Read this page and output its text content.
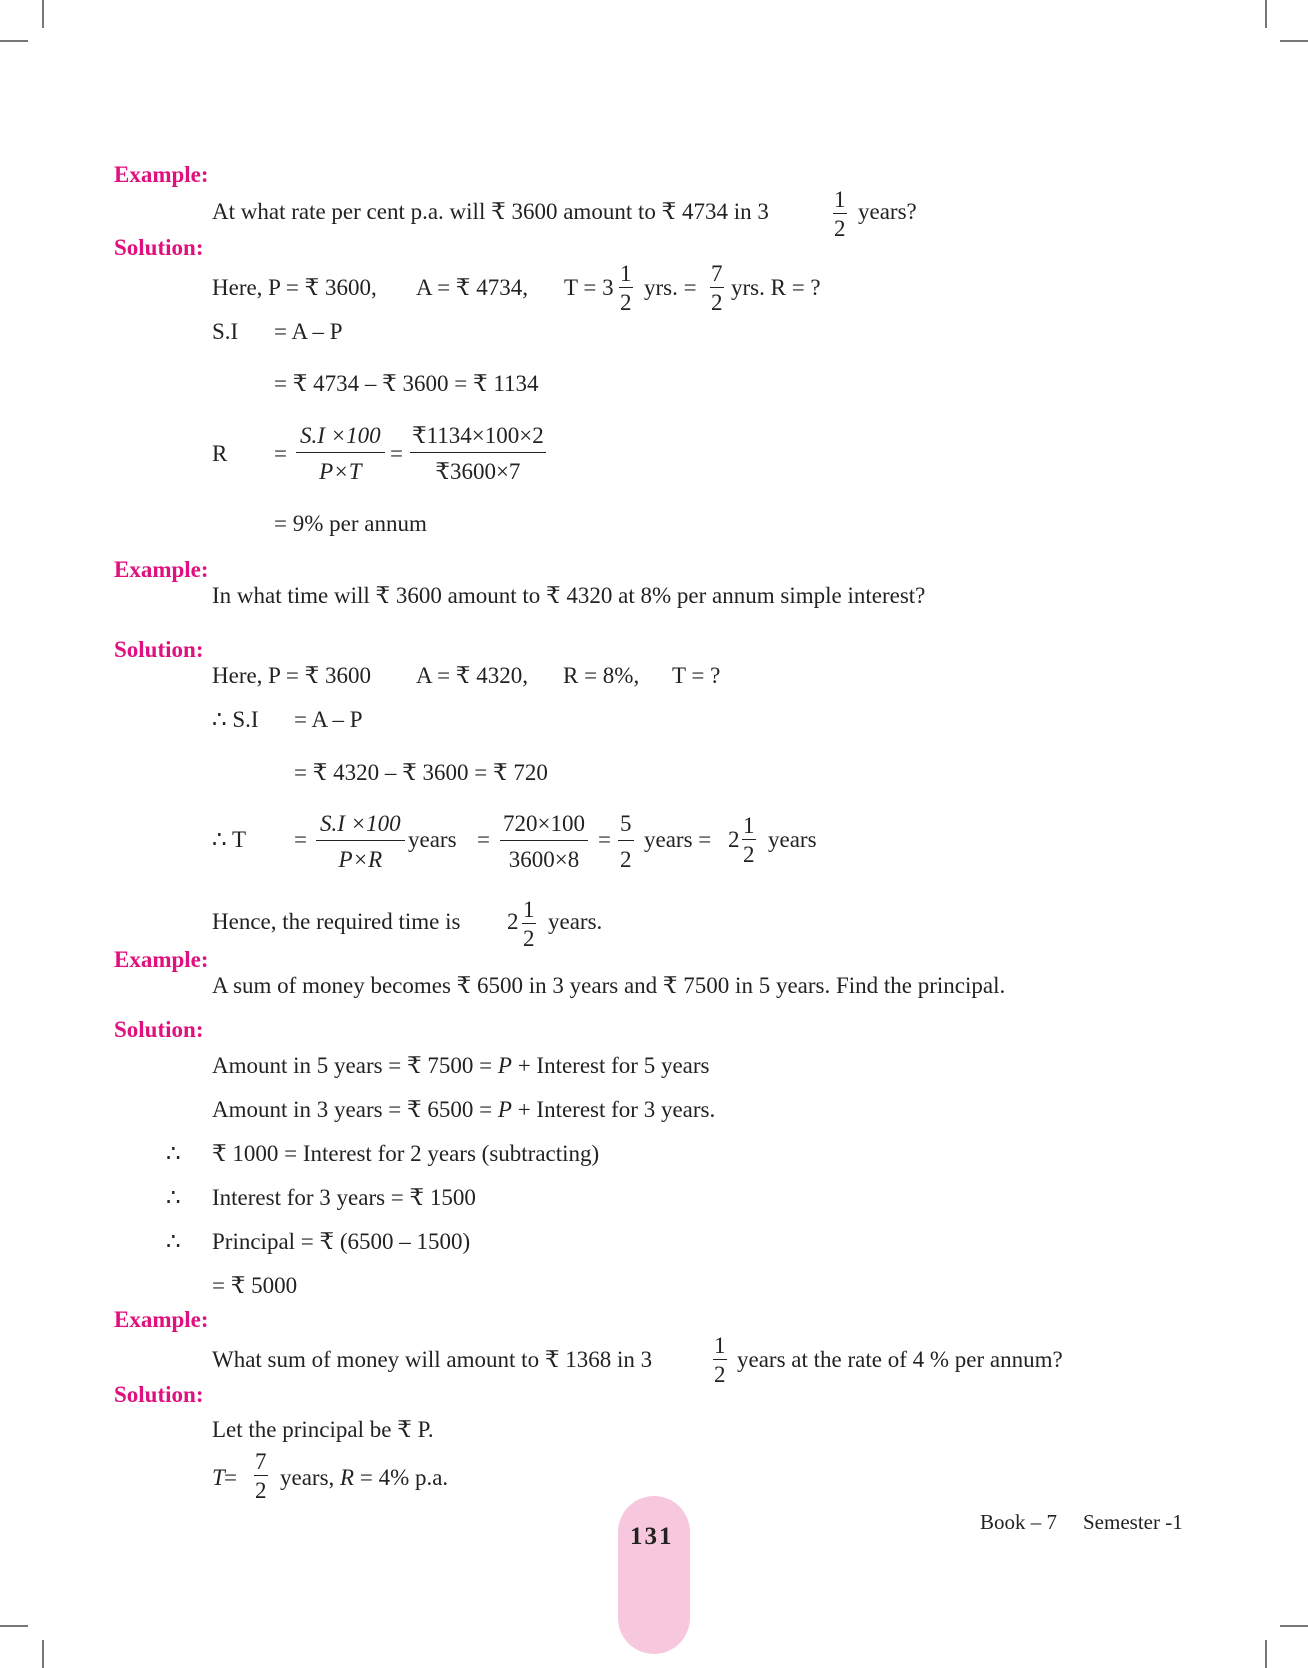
Example:
At what rate per cent p.a. will ₹ 3600 amount to ₹ 4734 in 3	$\frac{1}{2}$ years?
Solution:
Here, P = ₹ 3600, A = ₹ 4734, $T = 3 \frac{1}{2}$ yrs. = $\frac{7}{2}$ yrs. R = ?
S.I = A – P
= ₹ 4734 – ₹ 3600 = ₹ 1134
$R = \frac{S.I \times 100}{P\times T} = \frac{₹1134\times 100\times 2}{₹3600\times 7}$
= 9% per annum
Example:
In what time will ₹ 3600 amount to ₹ 4320 at 8% per annum simple interest?
Solution:
Here, P = ₹ 3600 A = ₹ 4320, R = 8%, T = ?
∴ S.I = A – P
= ₹ 4320 – ₹ 3600 = ₹ 720
∴ $T = \frac{S.I \times 100}{P\times R}$ years = $\frac{720\times 100}{3600\times 8} = \frac{5}{2}$ years = $2 \frac{1}{2}$ years
Hence, the required time is $2 \frac{1}{2}$ years.
Example:
A sum of money becomes ₹ 6500 in 3 years and ₹ 7500 in 5 years. Find the principal.
Solution:
Amount in 5 years = ₹ 7500 = P + Interest for 5 years
Amount in 3 years = ₹ 6500 = P + Interest for 3 years.
∴ ₹ 1000 = Interest for 2 years (subtracting)
∴ Interest for 3 years = ₹ 1500
∴ Principal = ₹ (6500 – 1500)
= ₹ 5000
Example:
What sum of money will amount to ₹ 1368 in 3	$\frac{1}{2}$ years at the rate of 4 % per annum?
Solution:
Let the principal be ₹ P.
$T = \frac{7}{2}$ years, R = 4% p.a.
131
Book – 7 Semester -1
